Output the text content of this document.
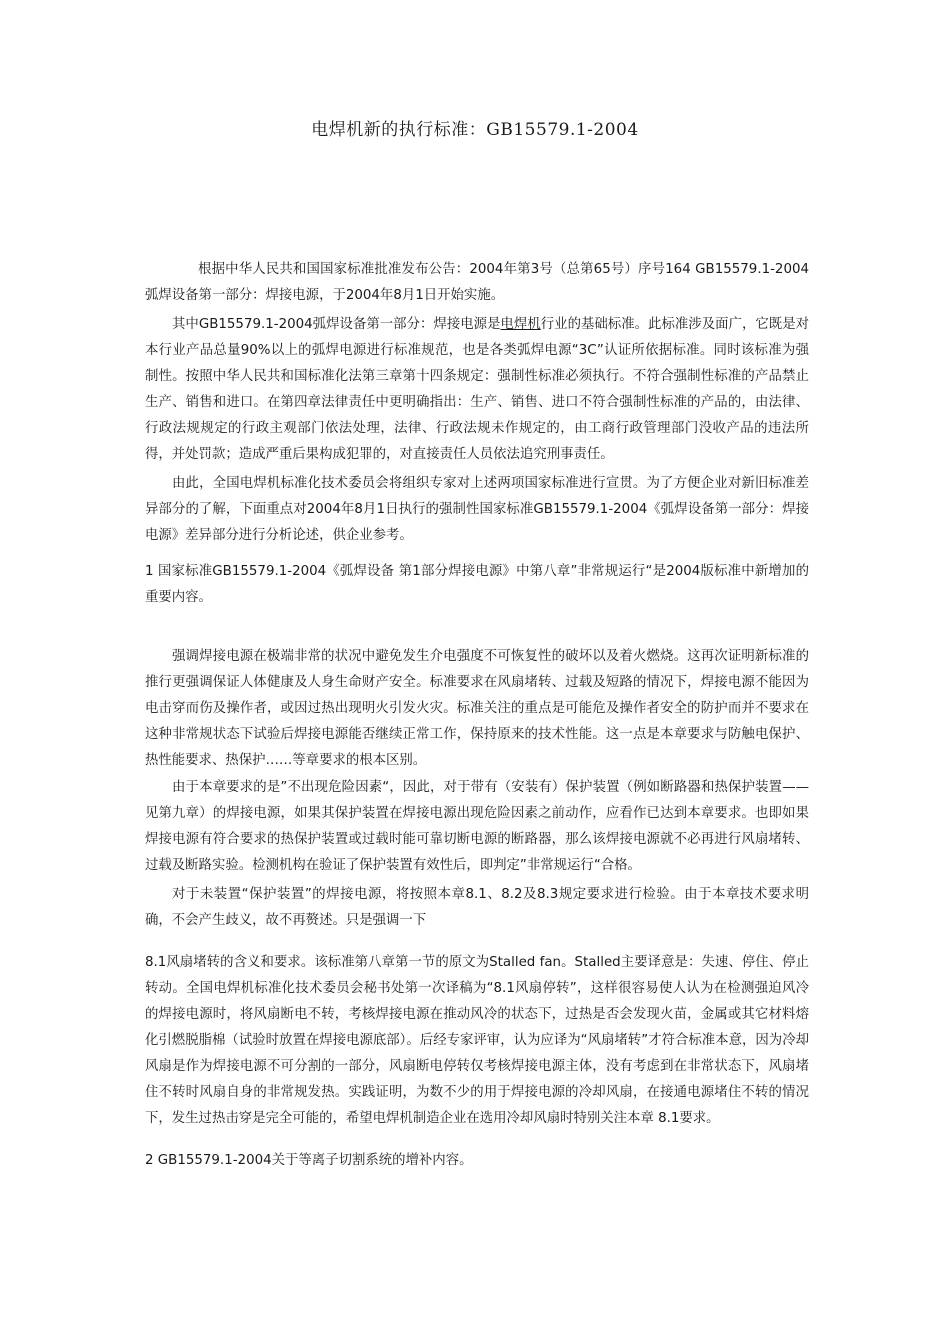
电焊机新的执行标准：GB15579.1-2004

根据中华人民共和国国家标准批准发布公告：2004年第3号（总第65号）序号164 GB15579.1-2004弧焊设备第一部分：焊接电源，于2004年8月1日开始实施。

其中GB15579.1-2004弧焊设备第一部分：焊接电源是电焊机行业的基础标准。此标准涉及面广，它既是对本行业产品总量90%以上的弧焊电源进行标准规范，也是各类弧焊电源“3C”认证所依据标准。同时该标准为强制性。按照中华人民共和国标准化法第三章第十四条规定：强制性标准必须执行。不符合强制性标准的产品禁止生产、销售和进口。在第四章法律责任中更明确指出：生产、销售、进口不符合强制性标准的产品的，由法律、行政法规规定的行政主观部门依法处理，法律、行政法规未作规定的，由工商行政管理部门没收产品的违法所得，并处罚款；造成严重后果构成犯罪的，对直接责任人员依法追究刑事责任。

由此，全国电焊机标准化技术委员会将组织专家对上述两项国家标准进行宣贯。为了方便企业对新旧标准差异部分的了解，下面重点对2004年8月1日执行的强制性国家标准GB15579.1-2004《弧焊设备第一部分：焊接电源》差异部分进行分析论述，供企业参考。

1 国家标准GB15579.1-2004《弧焊设备 第1部分焊接电源》中第八章”非常规运行“是2004版标准中新增加的重要内容。

强调焊接电源在极端非常的状况中避免发生介电强度不可恢复性的破坏以及着火燃烧。这再次证明新标准的推行更强调保证人体健康及人身生命财产安全。标准要求在风扇堵转、过载及短路的情况下，焊接电源不能因为电击穿而伤及操作者，或因过热出现明火引发火灾。标准关注的重点是可能危及操作者安全的防护而并不要求在这种非常规状态下试验后焊接电源能否继续正常工作，保持原来的技术性能。这一点是本章要求与防触电保护、热性能要求、热保护……等章要求的根本区别。

由于本章要求的是”不出现危险因素“，因此，对于带有（安装有）保护装置（例如断路器和热保护装置——见第九章）的焊接电源，如果其保护装置在焊接电源出现危险因素之前动作，应看作已达到本章要求。也即如果焊接电源有符合要求的热保护装置或过载时能可靠切断电源的断路器，那么该焊接电源就不必再进行风扇堵转、过载及断路实验。检测机构在验证了保护装置有效性后，即判定”非常规运行“合格。

对于未装置“保护装置”的焊接电源，将按照本章8.1、8.2及8.3规定要求进行检验。由于本章技术要求明确，不会产生歧义，故不再赘述。只是强调一下

8.1风扇堵转的含义和要求。该标准第八章第一节的原文为Stalled fan。Stalled主要译意是：失速、停住、停止转动。全国电焊机标准化技术委员会秘书处第一次译稿为“8.1风扇停转”，这样很容易使人认为在检测强迫风冷的焊接电源时，将风扇断电不转，考核焊接电源在推动风冷的状态下，过热是否会发现火苗，金属或其它材料熔化引燃脱脂棉（试验时放置在焊接电源底部）。后经专家评审，认为应译为“风扇堵转”才符合标准本意，因为冷却风扇是作为焊接电源不可分割的一部分，风扇断电停转仅考核焊接电源主体，没有考虑到在非常状态下，风扇堵住不转时风扇自身的非常规发热。实践证明，为数不少的用于焊接电源的冷却风扇，在接通电源堵住不转的情况下，发生过热击穿是完全可能的，希望电焊机制造企业在选用冷却风扇时特别关注本章 8.1要求。

2 GB15579.1-2004关于等离子切割系统的增补内容。
